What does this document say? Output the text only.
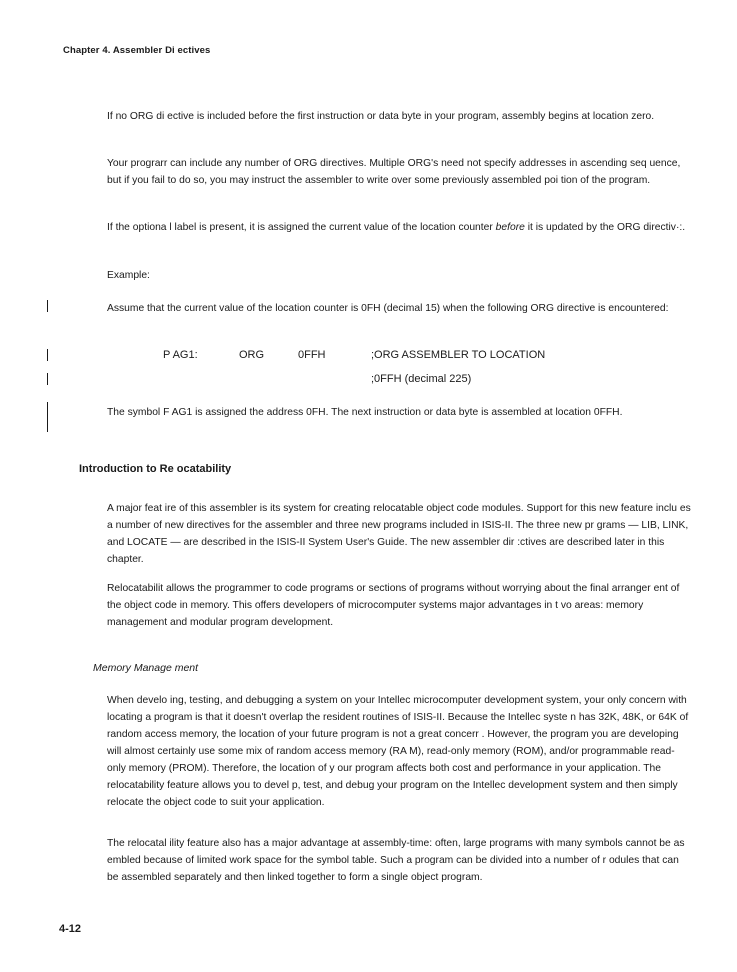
Chapter 4. Assembler Di ectives

If no ORG di ective is included before the first instruction or data byte in your program, assembly begins at location zero.

Your prograrr can include any number of ORG directives. Multiple ORG's need not specify addresses in ascending seq uence, but if you fail to do so, you may instruct the assembler to write over some previously assembled poi tion of the program.

If the optiona l label is present, it is assigned the current value of the location counter before it is updated by the ORG directiv·:.

Example:

Assume that the current value of the location counter is 0FH (decimal 15) when the following ORG directive is encountered:

P AG1:	ORG	0FFH	;ORG ASSEMBLER TO LOCATION
;0FFH (decimal 225)

The symbol F AG1 is assigned the address 0FH. The next instruction or data byte is assembled at location 0FFH.

Introduction to Re ocatability

A major feat ire of this assembler is its system for creating relocatable object code modules. Support for this new feature inclu es a number of new directives for the assembler and three new programs included in ISIS-II. The three new pr grams — LIB, LINK, and LOCATE — are described in the ISIS-II System User's Guide. The new assembler dir :ctives are described later in this chapter.

Relocatabilit allows the programmer to code programs or sections of programs without worrying about the final arranger ent of the object code in memory. This offers developers of microcomputer systems major advantages in t vo areas: memory management and modular program development.

Memory Manage ment

When develo ing, testing, and debugging a system on your Intellec microcomputer development system, your only concern with locating a program is that it doesn't overlap the resident routines of ISIS-II. Because the Intellec syste n has 32K, 48K, or 64K of random access memory, the location of your future program is not a great concerr . However, the program you are developing will almost certainly use some mix of random access memory (RA M), read-only memory (ROM), and/or programmable read-only memory (PROM). Therefore, the location of y our program affects both cost and performance in your application. The relocatability feature allows you to devel p, test, and debug your program on the Intellec development system and then simply relocate the object code to suit your application.

The relocatal ility feature also has a major advantage at assembly-time: often, large programs with many symbols cannot be as embled because of limited work space for the symbol table. Such a program can be divided into a number of r odules that can be assembled separately and then linked together to form a single object program.

4-12
